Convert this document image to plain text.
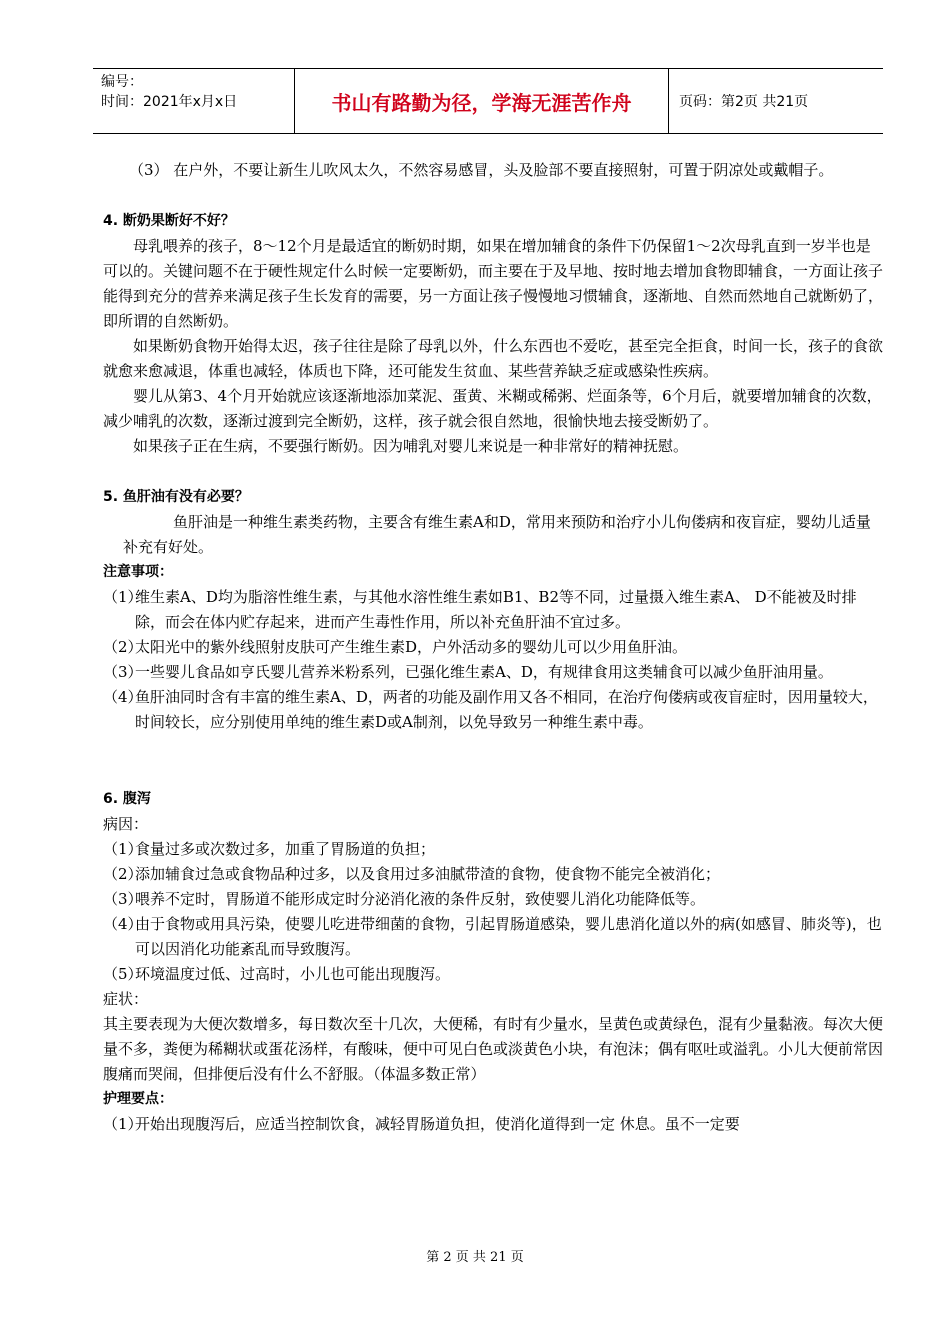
编号：
时间：2021年x月x日	书山有路勤为径，学海无涯苦作舟	页码：第2页 共21页

（3） 在户外，不要让新生儿吹风太久，不然容易感冒，头及脸部不要直接照射，可置于阴凉处或戴帽子。

4. 断奶果断好不好？

母乳喂养的孩子，8～12个月是最适宜的断奶时期，如果在增加辅食的条件下仍保留1～2次母乳直到一岁半也是可以的。关键问题不在于硬性规定什么时候一定要断奶，而主要在于及早地、按时地去增加食物即辅食，一方面让孩子能得到充分的营养来满足孩子生长发育的需要，另一方面让孩子慢慢地习惯辅食，逐渐地、自然而然地自己就断奶了，即所谓的自然断奶。

如果断奶食物开始得太迟，孩子往往是除了母乳以外，什么东西也不爱吃，甚至完全拒食，时间一长，孩子的食欲就愈来愈减退，体重也减轻，体质也下降，还可能发生贫血、某些营养缺乏症或感染性疾病。

婴儿从第3、4个月开始就应该逐渐地添加菜泥、蛋黄、米糊或稀粥、烂面条等，6个月后，就要增加辅食的次数，减少哺乳的次数，逐渐过渡到完全断奶，这样，孩子就会很自然地，很愉快地去接受断奶了。

如果孩子正在生病，不要强行断奶。因为哺乳对婴儿来说是一种非常好的精神抚慰。

5. 鱼肝油有没有必要？

鱼肝油是一种维生素类药物，主要含有维生素A和D，常用来预防和治疗小儿佝偻病和夜盲症，婴幼儿适量补充有好处。

注意事项：

（1）维生素A、D均为脂溶性维生素，与其他水溶性维生素如B1、B2等不同，过量摄入维生素A、 D不能被及时排除，而会在体内贮存起来，进而产生毒性作用，所以补充鱼肝油不宜过多。

（2）太阳光中的紫外线照射皮肤可产生维生素D，户外活动多的婴幼儿可以少用鱼肝油。

（3）一些婴儿食品如亨氏婴儿营养米粉系列，已强化维生素A、D，有规律食用这类辅食可以减少鱼肝油用量。

（4）鱼肝油同时含有丰富的维生素A、D，两者的功能及副作用又各不相同，在治疗佝偻病或夜盲症时，因用量较大，时间较长，应分别使用单纯的维生素D或A制剂，以免导致另一种维生素中毒。

6. 腹泻

病因：

（1）食量过多或次数过多，加重了胃肠道的负担；

（2）添加辅食过急或食物品种过多，以及食用过多油腻带渣的食物，使食物不能完全被消化；

（3）喂养不定时，胃肠道不能形成定时分泌消化液的条件反射，致使婴儿消化功能降低等。

（4）由于食物或用具污染，使婴儿吃进带细菌的食物，引起胃肠道感染，婴儿患消化道以外的病(如感冒、肺炎等)，也可以因消化功能紊乱而导致腹泻。

（5）环境温度过低、过高时，小儿也可能出现腹泻。

症状：

其主要表现为大便次数增多，每日数次至十几次，大便稀，有时有少量水，呈黄色或黄绿色，混有少量黏液。每次大便量不多，粪便为稀糊状或蛋花汤样，有酸味，便中可见白色或淡黄色小块，有泡沫；偶有呕吐或溢乳。小儿大便前常因腹痛而哭闹，但排便后没有什么不舒服。（体温多数正常）

护理要点：

（1）开始出现腹泻后，应适当控制饮食，减轻胃肠道负担，使消化道得到一定 休息。虽不一定要

第 2 页 共 21 页
